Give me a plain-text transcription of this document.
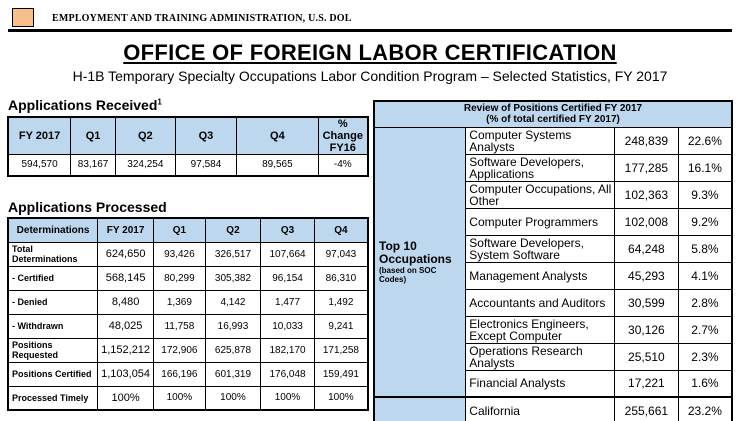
EMPLOYMENT AND TRAINING ADMINISTRATION, U.S. DOL
OFFICE OF FOREIGN LABOR CERTIFICATION
H-1B Temporary Specialty Occupations Labor Condition Program – Selected Statistics, FY 2017
Applications Received$^1$
FY 2017	Q1	Q2	Q3	Q4	% Change FY16
594,570	83,167	324,254	97,584	89,565	-4%
Applications Processed
Determinations	FY 2017	Q1	Q2	Q3	Q4
Total Determinations	624,650	93,426	326,517	107,664	97,043
- Certified	568,145	80,299	305,382	96,154	86,310
- Denied	8,480	1,369	4,142	1,477	1,492
- Withdrawn	48,025	11,758	16,993	10,033	9,241
Positions Requested	1,152,212	172,906	625,878	182,170	171,258
Positions Certified	1,103,054	166,196	601,319	176,048	159,491
Processed Timely	100%	100%	100%	100%	100%
Review of Positions Certified FY 2017
(% of total certified FY 2017)			

Top 10 Occupations
(based on SOC Codes)	Computer Systems Analysts	248,839	22.6%
	Software Developers, Applications	177,285	16.1%
	Computer Occupations, All Other	102,363	9.3%
	Computer Programmers	102,008	9.2%
	Software Developers, System Software	64,248	5.8%
	Management Analysts	45,293	4.1%
	Accountants and Auditors	30,599	2.8%
	Electronics Engineers, Except Computer	30,126	2.7%
	Operations Research Analysts	25,510	2.3%
	Financial Analysts	17,221	1.6%
	California	255,661	23.2%
